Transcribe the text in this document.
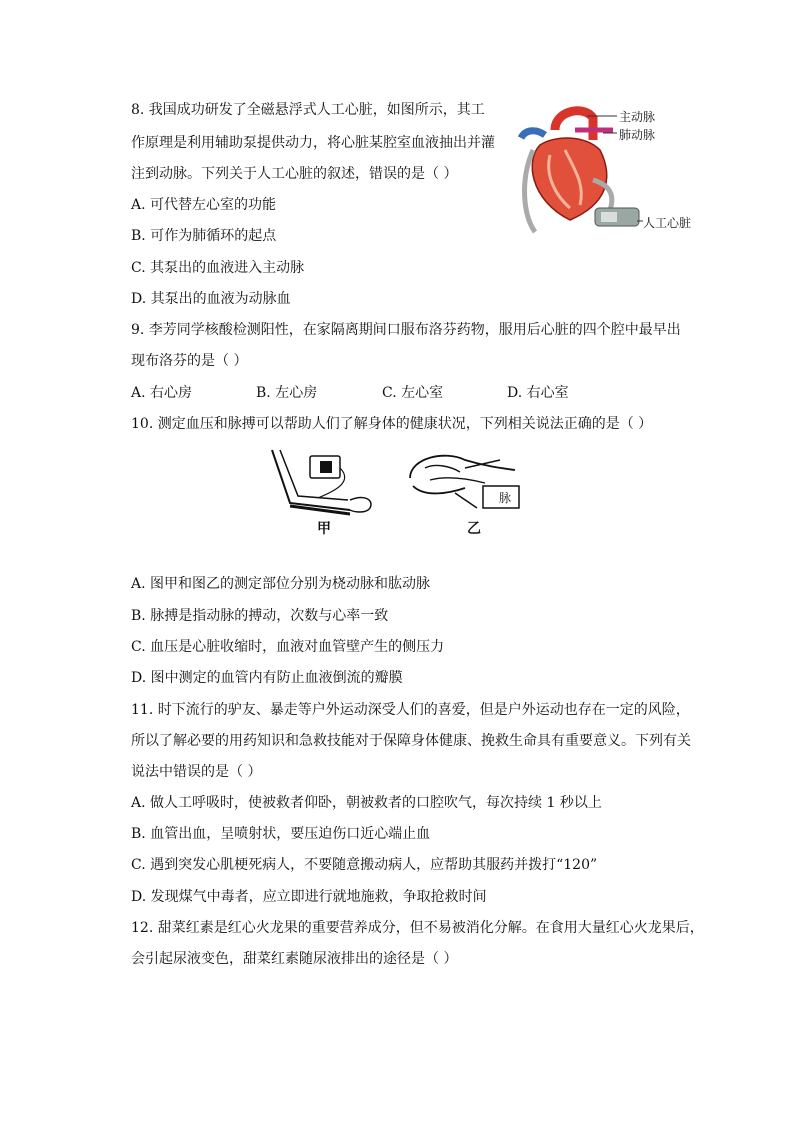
8. 我国成功研发了全磁悬浮式人工心脏，如图所示，其工
作原理是利用辅助泵提供动力，将心脏某腔室血液抽出并灌
注到动脉。下列关于人工心脏的叙述，错误的是（ ）
A. 可代替左心室的功能
B. 可作为肺循环的起点
C. 其泵出的血液进入主动脉
D. 其泵出的血液为动脉血
主动脉
肺动脉
人工心脏
9. 李芳同学核酸检测阳性，在家隔离期间口服布洛芬药物，服用后心脏的四个腔中最早出
现布洛芬的是（ ）
A. 右心房	B. 左心房	C. 左心室	D. 右心室
10. 测定血压和脉搏可以帮助人们了解身体的健康状况，下列相关说法正确的是（ ）
甲
脉
乙
A. 图甲和图乙的测定部位分别为桡动脉和肱动脉
B. 脉搏是指动脉的搏动，次数与心率一致
C. 血压是心脏收缩时，血液对血管壁产生的侧压力
D. 图中测定的血管内有防止血液倒流的瓣膜
11. 时下流行的驴友、暴走等户外运动深受人们的喜爱，但是户外运动也存在一定的风险，
所以了解必要的用药知识和急救技能对于保障身体健康、挽救生命具有重要意义。下列有关
说法中错误的是（ ）
A. 做人工呼吸时，使被救者仰卧，朝被救者的口腔吹气，每次持续 1 秒以上
B. 血管出血，呈喷射状，要压迫伤口近心端止血
C. 遇到突发心肌梗死病人，不要随意搬动病人，应帮助其服药并拨打“120”
D. 发现煤气中毒者，应立即进行就地施救，争取抢救时间
12. 甜菜红素是红心火龙果的重要营养成分，但不易被消化分解。在食用大量红心火龙果后，
会引起尿液变色，甜菜红素随尿液排出的途径是（ ）
